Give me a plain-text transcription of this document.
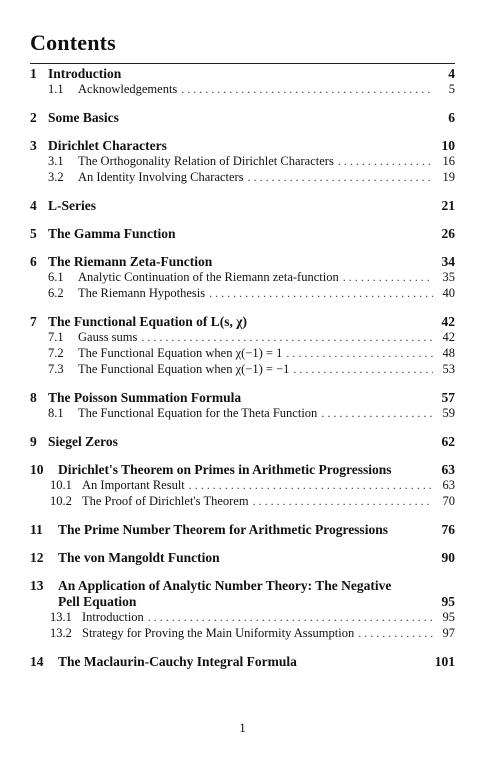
Contents
1 Introduction	4
1.1	Acknowledgements . . .	5
2 Some Basics	6
3 Dirichlet Characters	10
3.1	The Orthogonality Relation of Dirichlet Characters . . .	16
3.2	An Identity Involving Characters . . .	19
4 L-Series	21
5 The Gamma Function	26
6 The Riemann Zeta-Function	34
6.1	Analytic Continuation of the Riemann zeta-function . . .	35
6.2	The Riemann Hypothesis . . .	40
7 The Functional Equation of L(s, χ)	42
7.1	Gauss sums . . .	42
7.2	The Functional Equation when χ(−1) = 1 . . .	48
7.3	The Functional Equation when χ(−1) = −1 . . .	53
8 The Poisson Summation Formula	57
8.1	The Functional Equation for the Theta Function . . .	59
9 Siegel Zeros	62
10	Dirichlet's Theorem on Primes in Arithmetic Progressions	63
10.1 An Important Result . . .	63
10.2 The Proof of Dirichlet's Theorem . . .	70
11	The Prime Number Theorem for Arithmetic Progressions	76
12	The von Mangoldt Function	90
13	An Application of Analytic Number Theory: The Negative
Pell Equation	95
13.1 Introduction . . .	95
13.2 Strategy for Proving the Main Uniformity Assumption . . .	97
14	The Maclaurin-Cauchy Integral Formula	101
1
